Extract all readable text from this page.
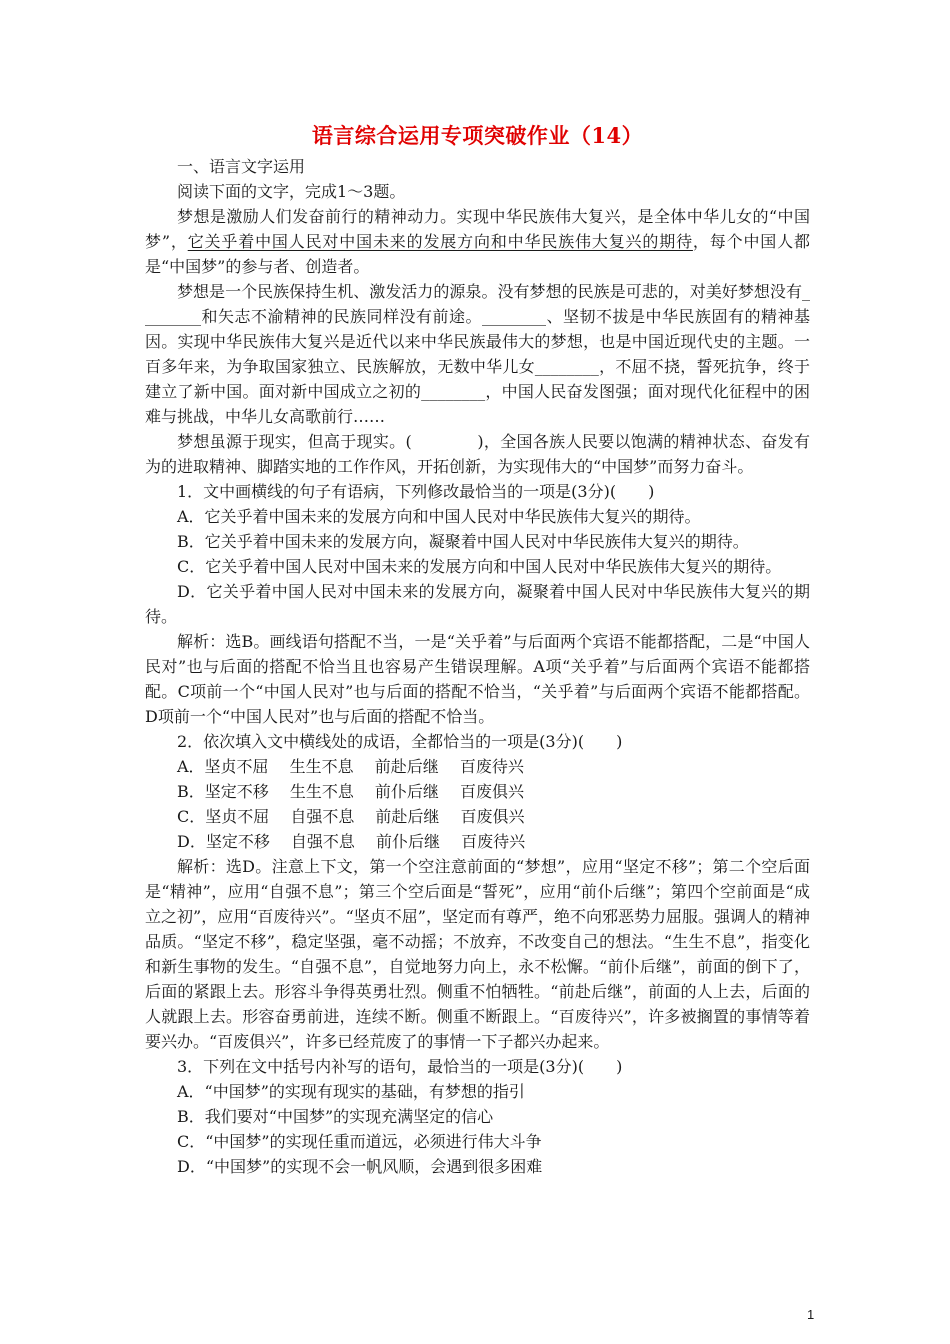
语言综合运用专项突破作业（14）

一、语言文字运用

阅读下面的文字，完成1～3题。

梦想是激励人们发奋前行的精神动力。实现中华民族伟大复兴，是全体中华儿女的“中国梦”，它关乎着中国人民对中国未来的发展方向和中华民族伟大复兴的期待，每个中国人都是“中国梦”的参与者、创造者。

梦想是一个民族保持生机、激发活力的源泉。没有梦想的民族是可悲的，对美好梦想没有________和矢志不渝精神的民族同样没有前途。________、坚韧不拔是中华民族固有的精神基因。实现中华民族伟大复兴是近代以来中华民族最伟大的梦想，也是中国近现代史的主题。一百多年来，为争取国家独立、民族解放，无数中华儿女________，不屈不挠，誓死抗争，终于建立了新中国。面对新中国成立之初的________，中国人民奋发图强；面对现代化征程中的困难与挑战，中华儿女高歌前行……

梦想虽源于现实，但高于现实。(　　　　)，全国各族人民要以饱满的精神状态、奋发有为的进取精神、脚踏实地的工作作风，开拓创新，为实现伟大的“中国梦”而努力奋斗。

1．文中画横线的句子有语病，下列修改最恰当的一项是(3分)(　　)

A．它关乎着中国未来的发展方向和中国人民对中华民族伟大复兴的期待。

B．它关乎着中国未来的发展方向，凝聚着中国人民对中华民族伟大复兴的期待。

C．它关乎着中国人民对中国未来的发展方向和中国人民对中华民族伟大复兴的期待。

D．它关乎着中国人民对中国未来的发展方向，凝聚着中国人民对中华民族伟大复兴的期待。

解析：选B。画线语句搭配不当，一是“关乎着”与后面两个宾语不能都搭配，二是“中国人民对”也与后面的搭配不恰当且也容易产生错误理解。A项“关乎着”与后面两个宾语不能都搭配。C项前一个“中国人民对”也与后面的搭配不恰当，“关乎着”与后面两个宾语不能都搭配。D项前一个“中国人民对”也与后面的搭配不恰当。

2．依次填入文中横线处的成语，全都恰当的一项是(3分)(　　)

A．坚贞不屈　 生生不息　 前赴后继　 百废待兴

B．坚定不移　 生生不息　 前仆后继　 百废俱兴

C．坚贞不屈　 自强不息　 前赴后继　 百废俱兴

D．坚定不移　 自强不息　 前仆后继　 百废待兴

解析：选D。注意上下文，第一个空注意前面的“梦想”，应用“坚定不移”；第二个空后面是“精神”，应用“自强不息”；第三个空后面是“誓死”，应用“前仆后继”；第四个空前面是“成立之初”，应用“百废待兴”。“坚贞不屈”，坚定而有尊严，绝不向邪恶势力屈服。强调人的精神品质。“坚定不移”，稳定坚强，毫不动摇；不放弃，不改变自己的想法。“生生不息”，指变化和新生事物的发生。“自强不息”，自觉地努力向上，永不松懈。“前仆后继”，前面的倒下了，后面的紧跟上去。形容斗争得英勇壮烈。侧重不怕牺牲。“前赴后继”，前面的人上去，后面的人就跟上去。形容奋勇前进，连续不断。侧重不断跟上。“百废待兴”，许多被搁置的事情等着要兴办。“百废俱兴”，许多已经荒废了的事情一下子都兴办起来。

3．下列在文中括号内补写的语句，最恰当的一项是(3分)(　　)

A．“中国梦”的实现有现实的基础，有梦想的指引

B．我们要对“中国梦”的实现充满坚定的信心

C．“中国梦”的实现任重而道远，必须进行伟大斗争

D．“中国梦”的实现不会一帆风顺，会遇到很多困难

1
